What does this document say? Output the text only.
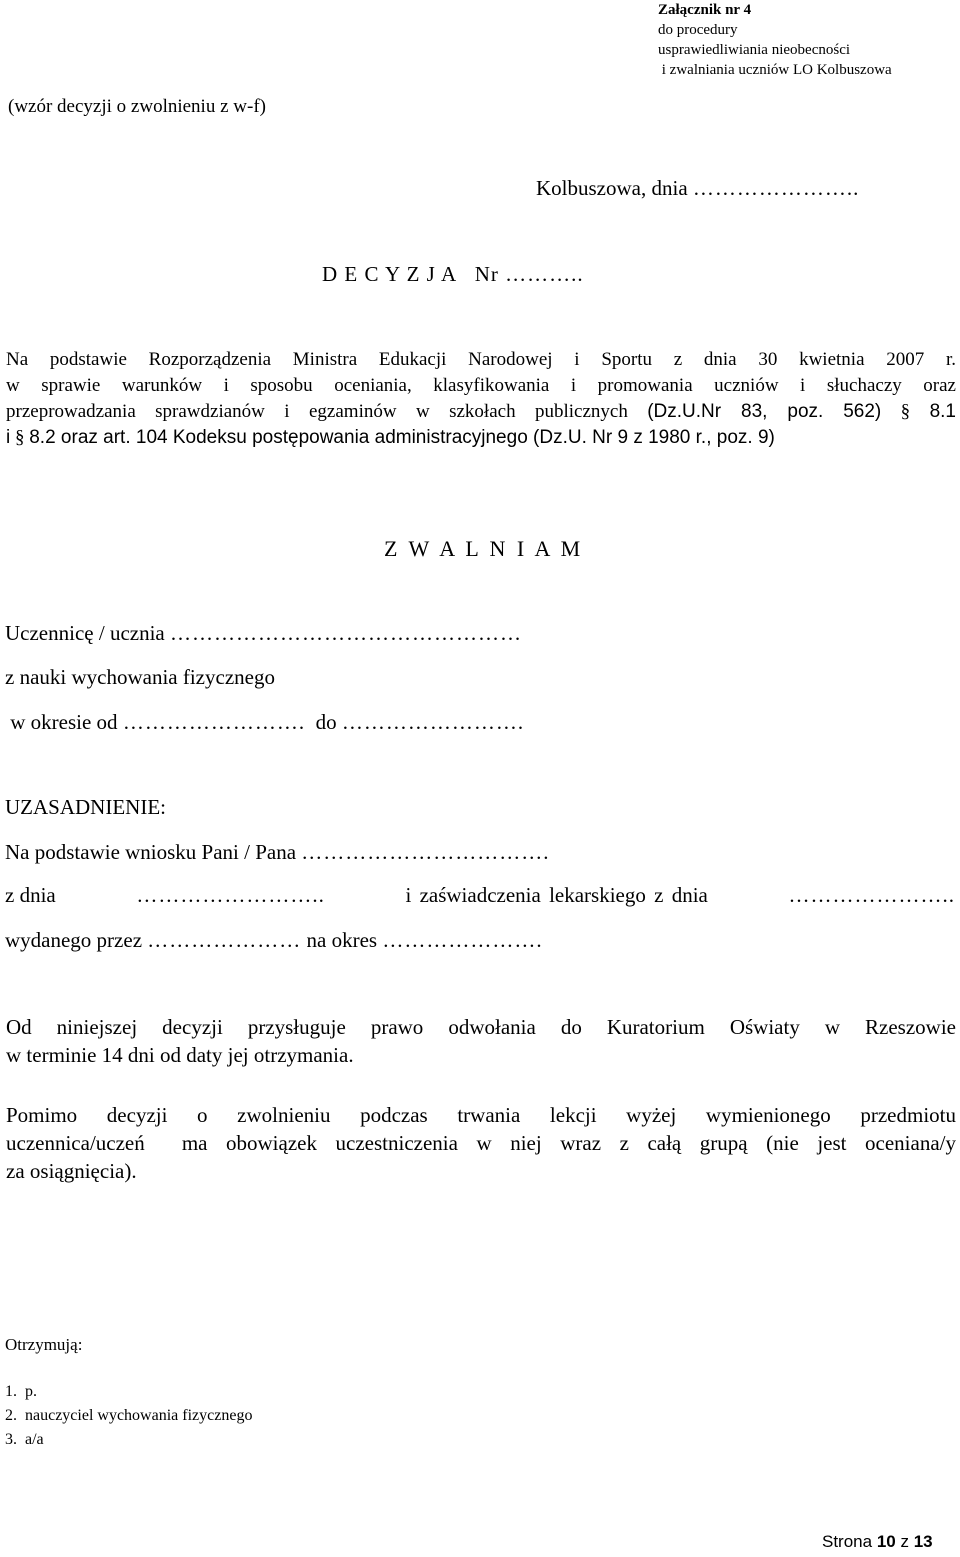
Załącznik nr 4
do procedury
usprawiedliwiania nieobecności
i zwalniania uczniów LO Kolbuszowa
(wzór decyzji o zwolnieniu z w-f)
Kolbuszowa, dnia …………………..
D E C Y Z J A   Nr ………..
Na podstawie Rozporządzenia Ministra Edukacji Narodowej i Sportu z dnia 30 kwietnia 2007 r.
w sprawie warunków i sposobu oceniania, klasyfikowania i promowania uczniów i słuchaczy oraz
przeprowadzania sprawdzianów i egzaminów w szkołach publicznych (Dz.U.Nr 83, poz. 562) § 8.1
i § 8.2 oraz art. 104 Kodeksu postępowania administracyjnego (Dz.U. Nr 9 z 1980 r., poz. 9)
Z W A L N I A M
Uczennicę / ucznia …………………………………………
z nauki wychowania fizycznego
w okresie od …………………….  do …………………….
UZASADNIENIE:
Na podstawie wniosku Pani / Pana …………………………….
z dnia	……………………..	i zaświadczenia lekarskiego z dnia	…………………..
wydanego przez ………………… na okres ………………….
Od niniejszej decyzji przysługuje prawo odwołania do Kuratorium Oświaty w Rzeszowie
w terminie 14 dni od daty jej otrzymania.
Pomimo decyzji o zwolnieniu podczas trwania lekcji wyżej wymienionego przedmiotu
uczennica/uczeń  ma obowiązek uczestniczenia w niej wraz z całą grupą (nie jest oceniana/y
za osiągnięcia).
Otrzymują:
1.  p.
2.  nauczyciel wychowania fizycznego
3.  a/a
Strona 10 z 13
